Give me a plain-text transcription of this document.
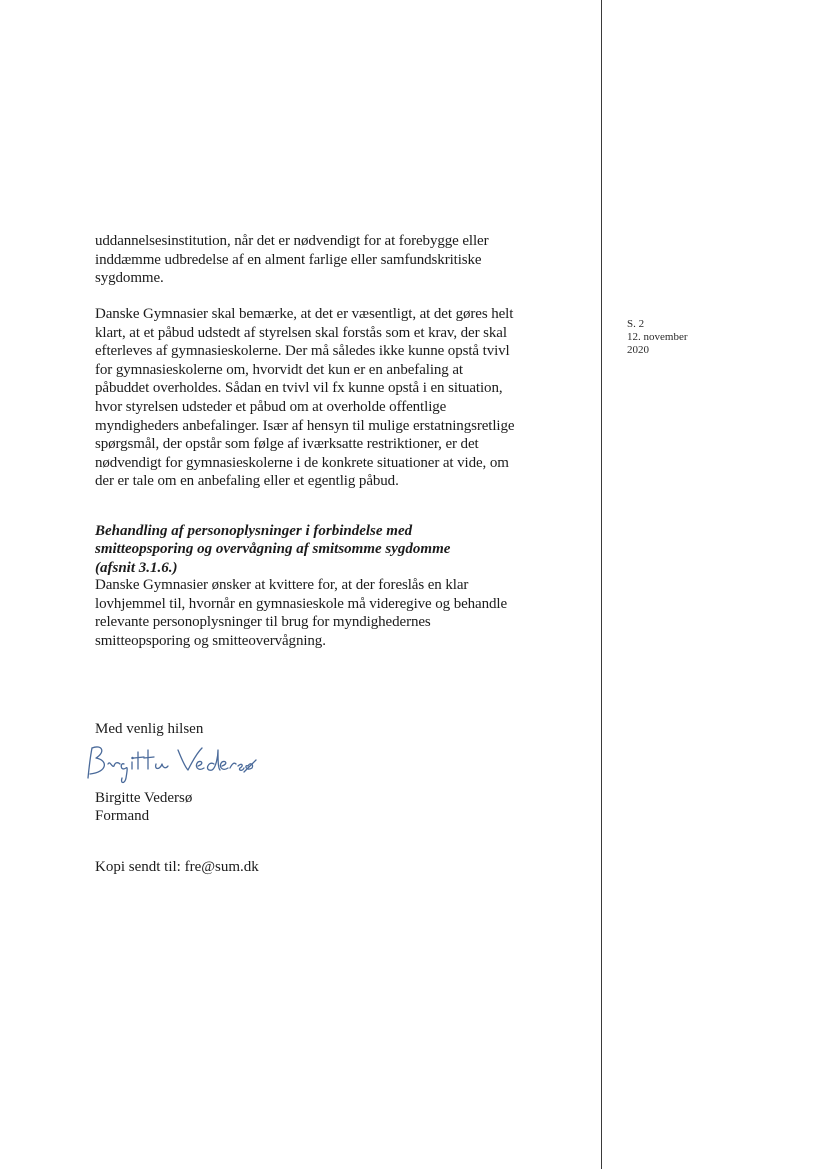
uddannelsesinstitution, når det er nødvendigt for at forebygge eller
inddæmme udbredelse af en alment farlige eller samfundskritiske
sygdomme.

Danske Gymnasier skal bemærke, at det er væsentligt, at det gøres helt
klart, at et påbud udstedt af styrelsen skal forstås som et krav, der skal
efterleves af gymnasieskolerne. Der må således ikke kunne opstå tvivl
for gymnasieskolerne om, hvorvidt det kun er en anbefaling at
påbuddet overholdes. Sådan en tvivl vil fx kunne opstå i en situation,
hvor styrelsen udsteder et påbud om at overholde offentlige
myndigheders anbefalinger. Især af hensyn til mulige erstatningsretlige
spørgsmål, der opstår som følge af iværksatte restriktioner, er det
nødvendigt for gymnasieskolerne i de konkrete situationer at vide, om
der er tale om en anbefaling eller et egentlig påbud.

Behandling af personoplysninger i forbindelse med
smitteopsporing og overvågning af smitsomme sygdomme
(afsnit 3.1.6.)

Danske Gymnasier ønsker at kvittere for, at der foreslås en klar
lovhjemmel til, hvornår en gymnasieskole må videregive og behandle
relevante personoplysninger til brug for myndighedernes
smitteopsporing og smitteovervågning.

S. 2
12. november
2020
Med venlig hilsen
Birgitte Vedersø
Formand
Kopi sendt til: fre@sum.dk
